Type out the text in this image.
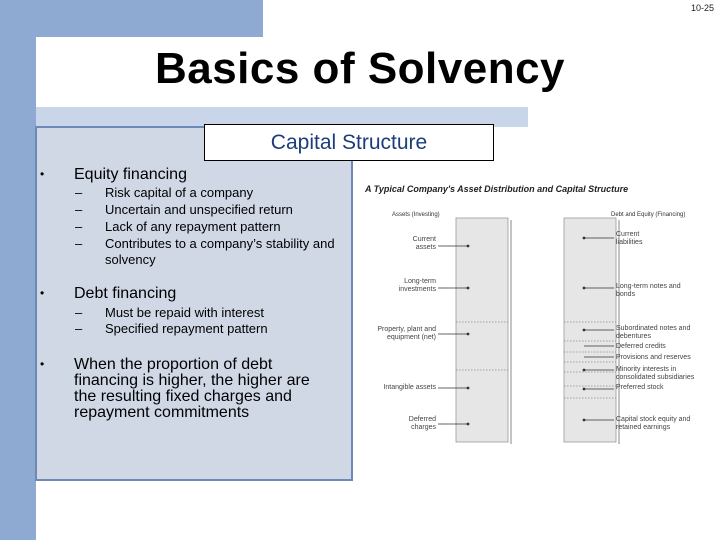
10-25
Basics of Solvency
Capital Structure
• Equity financing
– Risk capital of a company
– Uncertain and unspecified return
– Lack of any repayment pattern
– Contributes to a company’s stability and solvency
• Debt financing
– Must be repaid with interest
– Specified repayment pattern
• When the proportion of debt financing is higher, the higher are the resulting fixed charges and repayment commitments
A Typical Company's Asset Distribution and Capital Structure
Assets (Investing)	Debt and Equity (Financing)
Current assets
Long-term investments
Property, plant and equipment (net)
Intangible assets
Deferred charges
Current liabilities
Long-term notes and bonds
Subordinated notes and debentures
Deferred credits
Provisions and reserves
Minority interests in consolidated subsidiaries
Preferred stock
Capital stock equity and retained earnings
